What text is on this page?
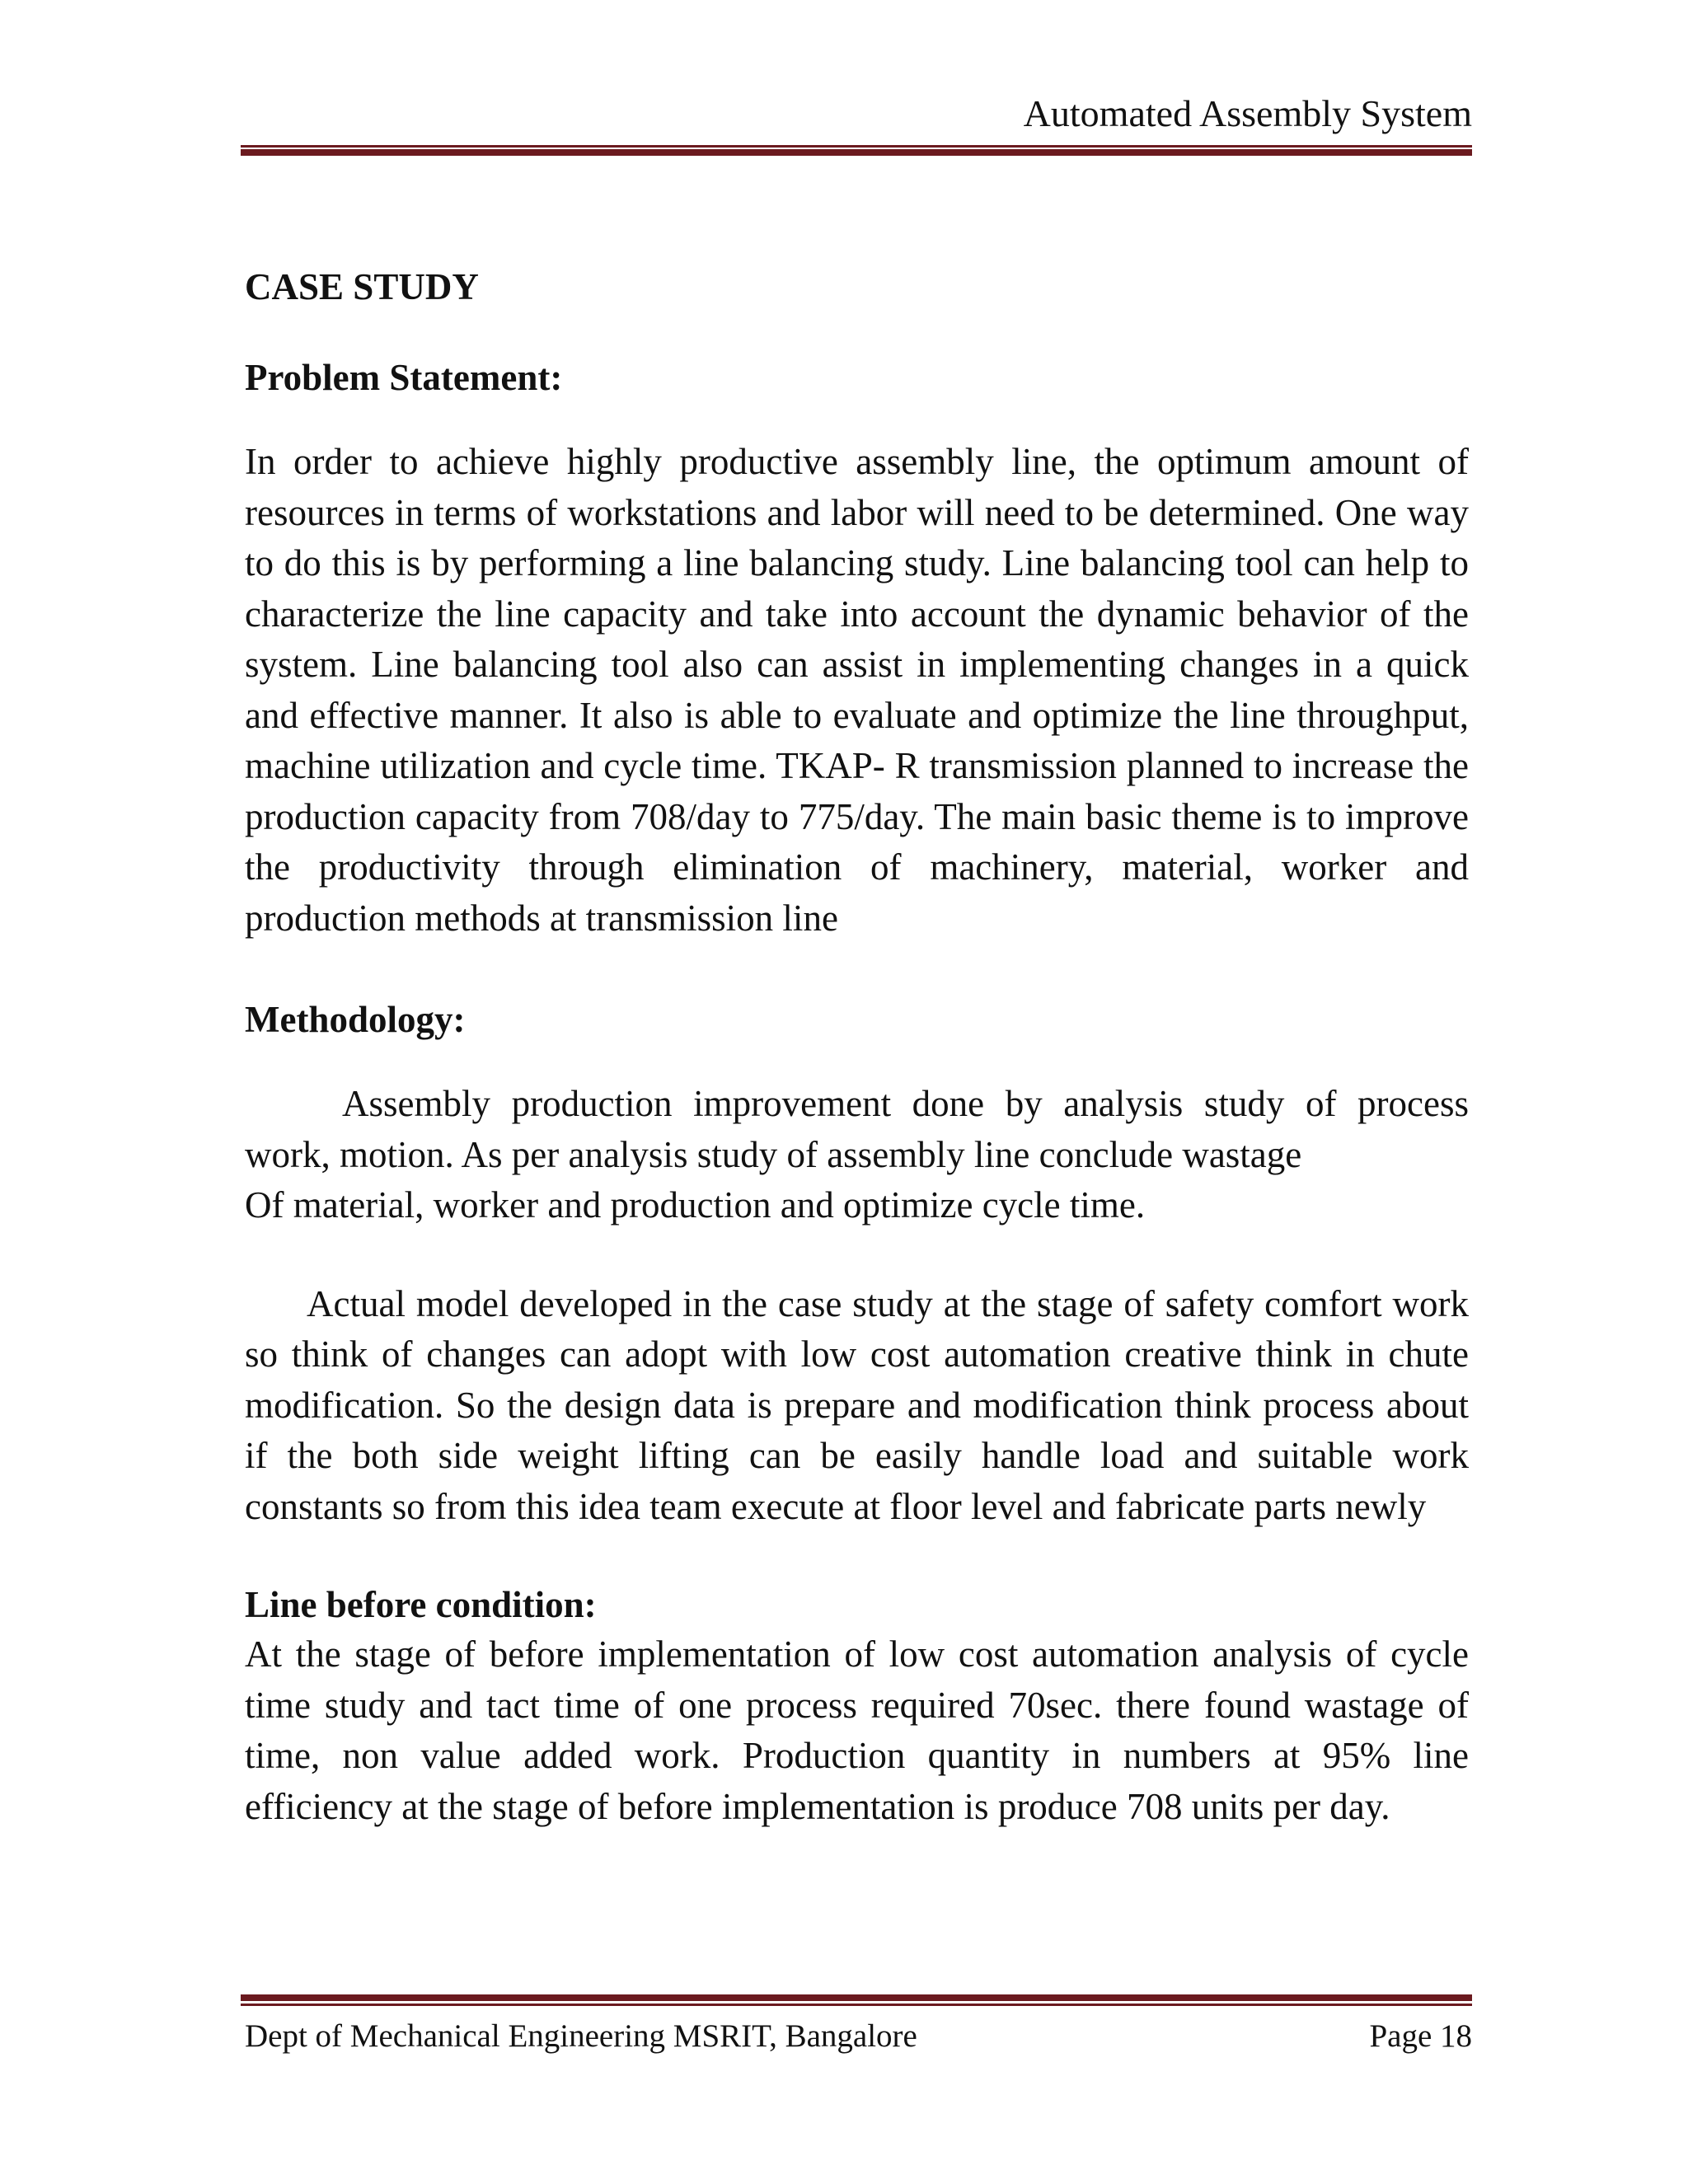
Automated Assembly System
CASE STUDY
Problem Statement:

In order to achieve highly productive assembly line, the optimum amount of resources in terms of workstations and labor will need to be determined. One way to do this is by performing a line balancing study. Line balancing tool can help to characterize the line capacity and take into account the dynamic behavior of the system. Line balancing tool also can assist in implementing changes in a quick and effective manner. It also is able to evaluate and optimize the line throughput, machine utilization and cycle time. TKAP- R transmission planned to increase the production capacity from 708/day to 775/day. The main basic theme is to improve the productivity through elimination of machinery, material, worker and production methods at transmission line

Methodology:
Assembly production improvement done by analysis study of process
work, motion. As per analysis study of assembly line conclude wastage
Of material, worker and production and optimize cycle time.

Actual model developed in the case study at the stage of safety comfort work so think of changes can adopt with low cost automation creative think in chute modification. So the design data is prepare and modification think process about if the both side weight lifting can be easily handle load and suitable work constants so from this idea team execute at floor level and fabricate parts newly

Line before condition:

At the stage of before implementation of low cost automation analysis of cycle time study and tact time of one process required 70sec. there found wastage of time, non value added work. Production quantity in numbers at 95% line efficiency at the stage of before implementation is produce 708 units per day.

Dept of Mechanical Engineering MSRIT, Bangalore	Page 18
